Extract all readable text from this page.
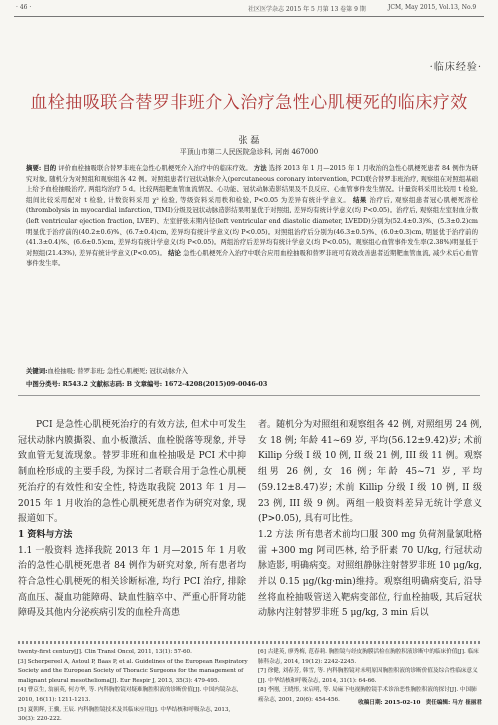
· 46 ·	社区医学杂志 2015 年 5 月第 13 卷第 9 期	JCM, May 2015, Vol.13, No.9
·临床经验·
血栓抽吸联合替罗非班介入治疗急性心肌梗死的临床疗效
张 磊
平顶山市第二人民医院急诊科, 河南 467000
摘要: 目的 评价血栓抽吸联合替罗非班在急性心肌梗死介入治疗中的临床疗效。 方法 选择 2013 年 1 月—2015 年 1 月收治的急性心肌梗死患者 84 例作为研究对象, 随机分为对照组和观察组各 42 例。对照组患者行冠状动脉介入(percutaneous coronary intervention, PCI)联合替罗非班治疗, 观察组在对照组基础上给予血栓抽吸治疗, 两组均治疗 5 d。比较两组靶血管血流情况、心功能、冠状动脉造影结果及不良反应、心血管事件发生情况。计量资料采用比较用 t 检验, 组间比较采用配对 t 检验, 计数资料采用 χ² 检验, 等级资料采用秩和检验, P<0.05 为差异有统计学意义。 结果 治疗后, 观察组患者冠心肌梗死溶栓(thrombolysis in myocardial infarction, TIMI)分级及冠状动脉造影结果明显优于对照组, 差异均有统计学意义(均 P<0.05)。治疗后, 观察组左室射血分数(left ventricular ejection fraction, LVEF)、左室舒张末期内径(left ventricular end diastolic diameter, LVEDD)分别为(52.4±0.3)%、(5.3±0.2)cm 明显优于治疗前的(40.2±0.6)%、(6.7±0.4)cm, 差异均有统计学意义(均 P<0.05)。对照组治疗后分别为(46.3±0.5)%、(6.0±0.3)cm, 明显优于治疗前的(41.3±0.4)%、(6.6±0.5)cm, 差异均有统计学意义(均 P<0.05)。两组治疗后差异均有统计学意义(均 P<0.05)。观察组心血管事件发生率(2.38%)明显低于对照组(21.43%), 差异有统计学意义(P<0.05)。 结论 急性心肌梗死介入治疗中联合应用血栓抽吸和替罗非班可有效改善患者近期靶血管血流, 减少术后心血管事件发生率。
关键词:血栓抽吸; 替罗非班; 急性心肌梗死; 冠状动脉介入
中图分类号: R543.2 文献标志码: B 文章编号: 1672-4208(2015)09-0046-03

PCI 是急性心肌梗死治疗的有效方法, 但术中可发生冠状动脉内膜撕裂、血小板激活、血栓脱落等现象, 并导致血管无复流现象。替罗非班和血栓抽吸是 PCI 术中抑制血栓形成的主要手段, 为探讨二者联合用于急性心肌梗死治疗的有效性和安全性, 特选取我院 2013 年 1 月—2015 年 1 月收治的急性心肌梗死患者作为研究对象, 现报道如下。

1 资料与方法

1.1 一般资料 选择我院 2013 年 1 月—2015 年 1 月收治的急性心肌梗死患者 84 例作为研究对象, 所有患者均符合急性心肌梗死的相关诊断标准, 均行 PCI 治疗, 排除高血压、凝血功能障碍、缺血性脑卒中、严重心肝肾功能障碍及其他内分泌疾病引发的血栓升高患

者。随机分为对照组和观察组各 42 例, 对照组男 24 例, 女 18 例; 年龄 41~69 岁, 平均(56.12±9.42)岁; 术前 Killip 分级 I 级 10 例, II 级 21 例, III 级 11 例。观察组男 26 例, 女 16 例; 年龄 45~71 岁, 平均(59.12±8.47)岁; 术前 Killip 分级 I 级 10 例, II 级 23 例, III 级 9 例。两组一般资料差异无统计学意义(P>0.05), 具有可比性。

1.2 方法 所有患者术前均口服 300 mg 负荷剂量氯吡格雷 +300 mg 阿司匹林, 给予肝素 70 U/kg, 行冠状动脉造影, 明确病变。对照组静脉注射替罗非班 10 μg/kg, 并以 0.15 μg/(kg·min)维持。观察组明确病变后, 沿导丝将血栓抽吸管送入靶病变部位, 行血栓抽吸, 其后冠状动脉内注射替罗非班 5 μg/kg, 3 min 后以

twenty-first century[J]. Clin Transl Oncol, 2011, 13(1): 57-60.
[3] Scherpereel A, Astoul P, Baas P, et al. Guidelines of the European Respiratory Society and the European Society of Thoracic Surgeons for the management of malignant pleural mesothelioma[J]. Eur Respir J, 2013, 35(3): 479-495.
[4] 曹京生, 翁丽英, 何方华, 等. 内科胸腔镜对疑难胸腔积液的诊断价值[J]. 中国内镜杂志, 2010, 16(11): 1211-1213.
[5] 夏朝辉, 王骥, 王辰. 内科胸腔镜技术及其临床应用[J]. 中华结核和呼吸杂志, 2013, 30(3): 220-222.
[6] 古建英, 廖秀梅, 范春莉. 胸腔镜与经皮胸膜活检在胸腔积液诊断中的临床价值[J]. 临床肺科杂志, 2014, 19(12): 2242-2245.
[7] 徐健, 刘春芳, 韩雪, 等. 内科胸腔镜对未明原因胸腔积液的诊断价值及综合性临床意义[J]. 中华结核和呼吸杂志, 2014, 31(1): 64-66.
[8] 李刚, 王晓彤, 宋启明, 等. 局麻下电视胸腔镜手术诊治恶性胸腔积液的探讨[J]. 中国肺癌杂志, 2001, 20(6): 454-456.
收稿日期: 2015-02-10 责任编辑: 马方 崔丽君
